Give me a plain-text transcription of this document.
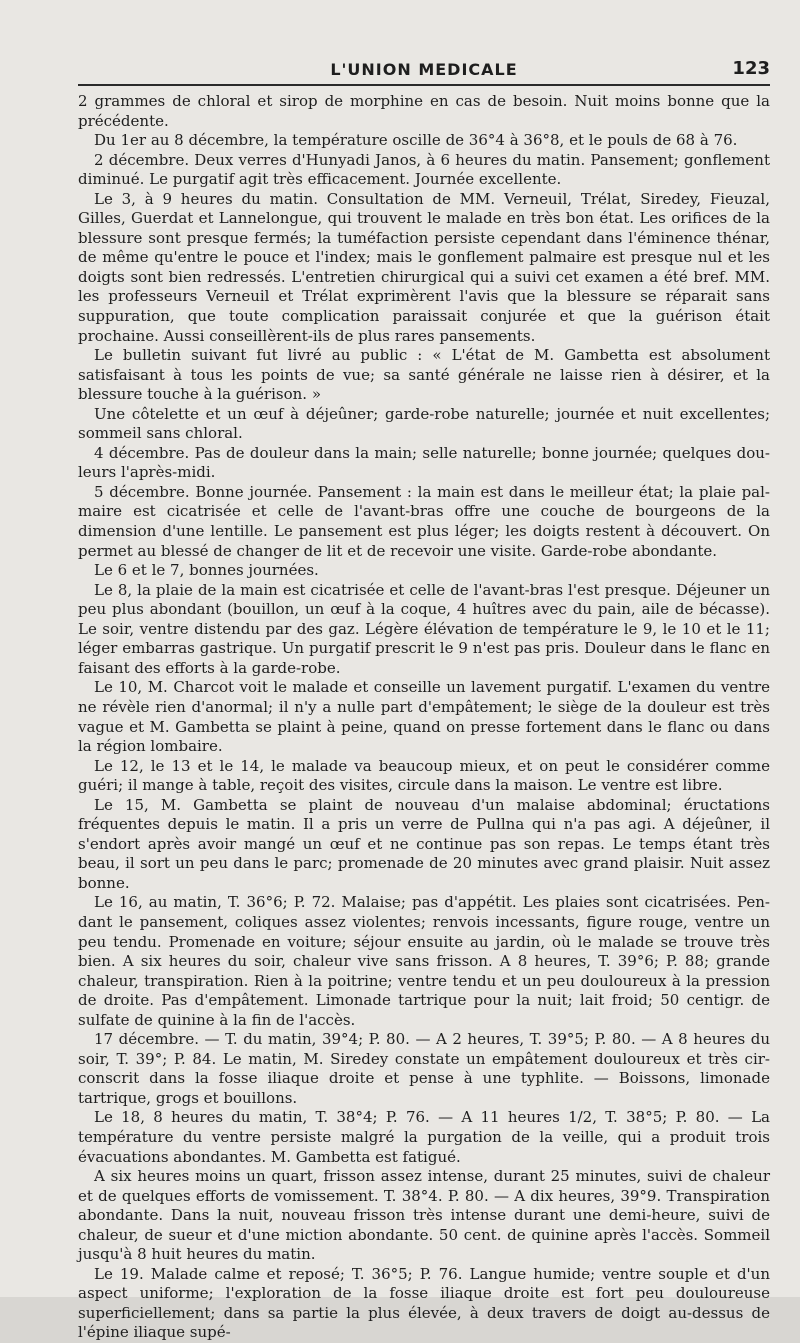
L'UNION MEDICALE	123

2 grammes de chloral et sirop de morphine en cas de besoin. Nuit moins bonne que la précédente.

Du 1er au 8 décembre, la température oscille de 36°4 à 36°8, et le pouls de 68 à 76.

2 décembre. Deux verres d'Hunyadi Janos, à 6 heures du matin. Pansement; gonflement diminué. Le purgatif agit très efficacement. Journée excellente.

Le 3, à 9 heures du matin. Consultation de MM. Verneuil, Trélat, Siredey, Fieuzal, Gilles, Guerdat et Lannelongue, qui trouvent le malade en très bon état. Les orifices de la blessure sont presque fermés; la tuméfaction persiste cependant dans l'éminence thénar, de même qu'entre le pouce et l'index; mais le gonflement palmaire est presque nul et les doigts sont bien redressés. L'entretien chirurgical qui a suivi cet examen a été bref. MM. les professeurs Verneuil et Trélat exprimèrent l'avis que la blessure se réparait sans suppuration, que toute complication paraissait conjurée et que la guérison était prochaine. Aussi conseillèrent-ils de plus rares pansements.

Le bulletin suivant fut livré au public : « L'état de M. Gambetta est absolument satisfaisant à tous les points de vue; sa santé générale ne laisse rien à désirer, et la blessure touche à la guérison. »

Une côtelette et un œuf à déjeûner; garde-robe naturelle; journée et nuit excellentes; sommeil sans chloral.

4 décembre. Pas de douleur dans la main; selle naturelle; bonne journée; quelques douleurs l'après-midi.

5 décembre. Bonne journée. Pansement : la main est dans le meilleur état; la plaie palmaire est cicatrisée et celle de l'avant-bras offre une couche de bourgeons de la dimension d'une lentille. Le pansement est plus léger; les doigts restent à découvert. On permet au blessé de changer de lit et de recevoir une visite. Garde-robe abondante.

Le 6 et le 7, bonnes journées.

Le 8, la plaie de la main est cicatrisée et celle de l'avant-bras l'est presque. Déjeuner un peu plus abondant (bouillon, un œuf à la coque, 4 huîtres avec du pain, aile de bécasse). Le soir, ventre distendu par des gaz. Légère élévation de température le 9, le 10 et le 11; léger embarras gastrique. Un purgatif prescrit le 9 n'est pas pris. Douleur dans le flanc en faisant des efforts à la garde-robe.

Le 10, M. Charcot voit le malade et conseille un lavement purgatif. L'examen du ventre ne révèle rien d'anormal; il n'y a nulle part d'empâtement; le siège de la douleur est très vague et M. Gambetta se plaint à peine, quand on presse fortement dans le flanc ou dans la région lombaire.

Le 12, le 13 et le 14, le malade va beaucoup mieux, et on peut le considérer comme guéri; il mange à table, reçoit des visites, circule dans la maison. Le ventre est libre.

Le 15, M. Gambetta se plaint de nouveau d'un malaise abdominal; éructations fréquentes depuis le matin. Il a pris un verre de Pullna qui n'a pas agi. A déjeûner, il s'endort après avoir mangé un œuf et ne continue pas son repas. Le temps étant très beau, il sort un peu dans le parc; promenade de 20 minutes avec grand plaisir. Nuit assez bonne.

Le 16, au matin, T. 36°6; P. 72. Malaise; pas d'appétit. Les plaies sont cicatrisées. Pendant le pansement, coliques assez violentes; renvois incessants, figure rouge, ventre un peu tendu. Promenade en voiture; séjour ensuite au jardin, où le malade se trouve très bien. A six heures du soir, chaleur vive sans frisson. A 8 heures, T. 39°6; P. 88; grande chaleur, transpiration. Rien à la poitrine; ventre tendu et un peu douloureux à la pression de droite. Pas d'empâtement. Limonade tartrique pour la nuit; lait froid; 50 centigr. de sulfate de quinine à la fin de l'accès.

17 décembre. — T. du matin, 39°4; P. 80. — A 2 heures, T. 39°5; P. 80. — A 8 heures du soir, T. 39°; P. 84. Le matin, M. Siredey constate un empâtement douloureux et très circonscrit dans la fosse iliaque droite et pense à une typhlite. — Boissons, limonade tartrique, grogs et bouillons.

Le 18, 8 heures du matin, T. 38°4; P. 76. — A 11 heures 1/2, T. 38°5; P. 80. — La température du ventre persiste malgré la purgation de la veille, qui a produit trois évacuations abondantes. M. Gambetta est fatigué.

A six heures moins un quart, frisson assez intense, durant 25 minutes, suivi de chaleur et de quelques efforts de vomissement. T. 38°4. P. 80. — A dix heures, 39°9. Transpiration abondante. Dans la nuit, nouveau frisson très intense durant une demi-heure, suivi de chaleur, de sueur et d'une miction abondante. 50 cent. de quinine après l'accès. Sommeil jusqu'à 8 huit heures du matin.

Le 19. Malade calme et reposé; T. 36°5; P. 76. Langue humide; ventre souple et d'un aspect uniforme; l'exploration de la fosse iliaque droite est fort peu douloureuse superficiellement; dans sa partie la plus élevée, à deux travers de doigt au-dessus de l'épine iliaque supé-
